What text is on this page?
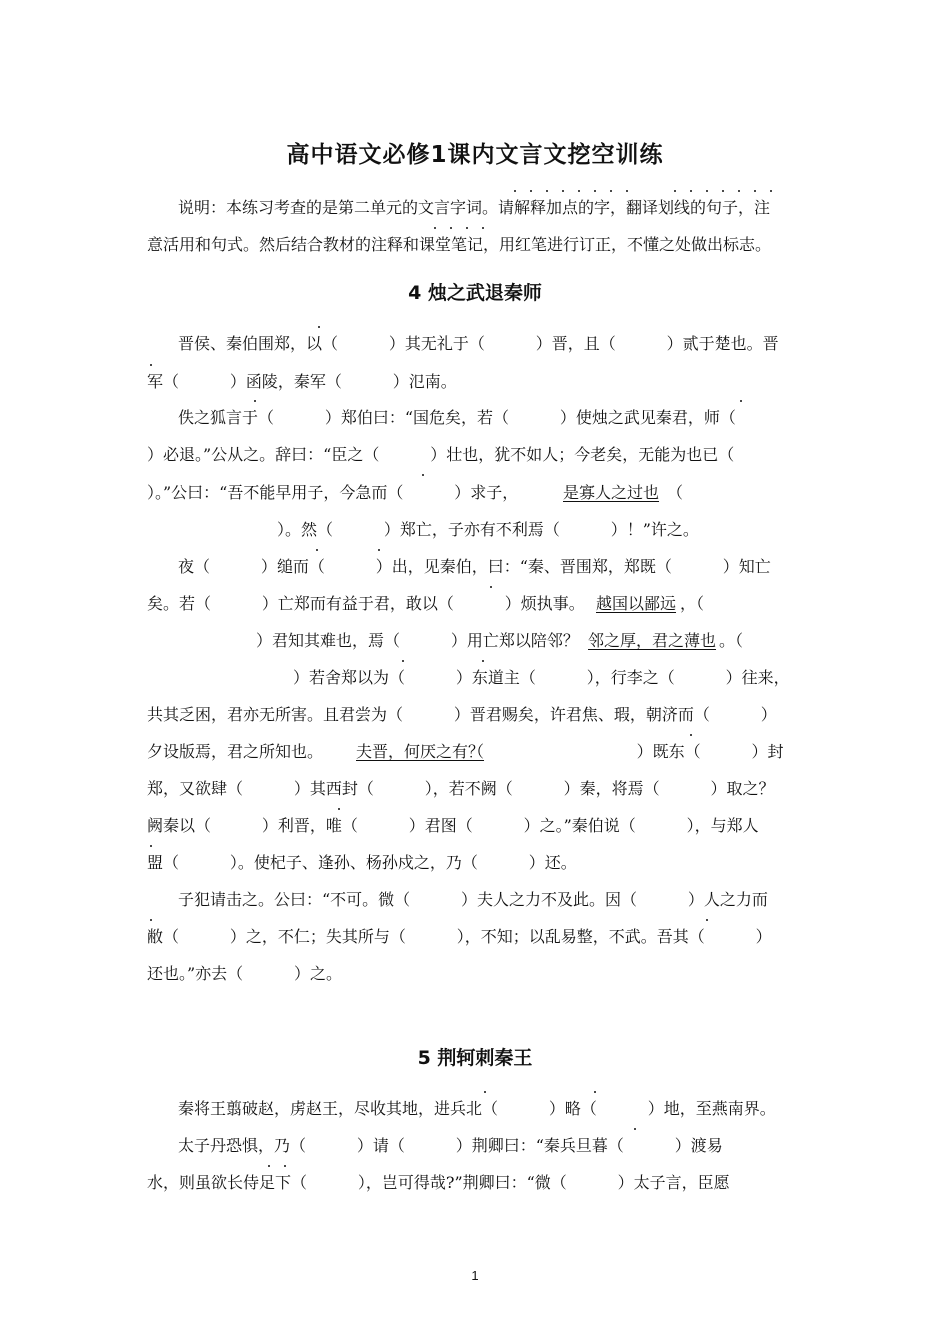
高中语文必修1课内文言文挖空训练
说明：本练习考查的是第二单元的文言字词。请解释加点的字，翻译划线的句子，注
意活用和句式。然后结合教材的注释和课堂笔记，用红笔进行订正，不懂之处做出标志。
4 烛之武退秦师
晋侯、秦伯围郑，以（          ）其无礼于（          ）晋，且（          ）贰于楚也。晋
军（          ）函陵，秦军（          ）氾南。
佚之狐言于（          ）郑伯曰：“国危矣，若（          ）使烛之武见秦君，师（
）必退。”公从之。辞曰：“臣之（          ）壮也，犹不如人；今老矣，无能为也已（
）。”公曰：“吾不能早用子，今急而（          ）求子，	是寡人之过也 （
）。然（          ）郑亡，子亦有不利焉（          ）！”许之。
夜（          ）缒而（          ）出，见秦伯，曰：“秦、晋围郑，郑既（          ）知亡
矣。若（          ）亡郑而有益于君，敢以（          ）烦执事。 越国以鄙远 ，（
）君知其难也，焉（          ）用亡郑以陪邻？ 邻之厚，君之薄也 。（
）若舍郑以为（          ）东道主（          ），行李之（          ）往来，
共其乏困，君亦无所害。且君尝为（          ）晋君赐矣，许君焦、瑕，朝济而（          ）
夕设版焉，君之所知也。 夫晋，何厌之有？
（                              ）既东（          ）封
郑，又欲肆（          ）其西封（          ），若不阙（          ）秦，将焉（          ）取之？
阙秦以（          ）利晋，唯（          ）君图（          ）之。”秦伯说（          ），与郑人
盟（          ）。使杞子、逢孙、杨孙戍之，乃（          ）还。
子犯请击之。公曰：“不可。微（          ）夫人之力不及此。因（          ）人之力而
敝（          ）之，不仁；失其所与（          ），不知；以乱易整，不武。吾其（          ）
还也。”亦去（          ）之。
5 荆轲刺秦王
秦将王翦破赵，虏赵王，尽收其地，进兵北（          ）略（          ）地，至燕南界。
太子丹恐惧，乃（          ）请（          ）荆卿曰：“秦兵旦暮（          ）渡易
水，则虽欲长侍足下（          ），岂可得哉?”荆卿曰：“微（          ）太子言，臣愿
1
